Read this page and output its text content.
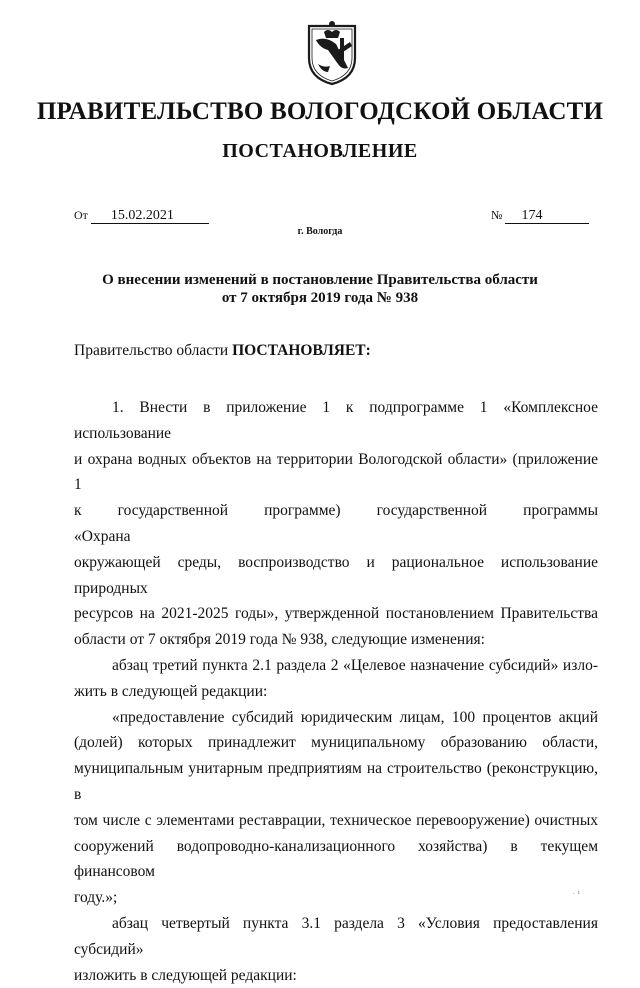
ПРАВИТЕЛЬСТВО ВОЛОГОДСКОЙ ОБЛАСТИ
ПОСТАНОВЛЕНИЕ
От 15.02.2021	№ 174
г. Вологда
О внесении изменений в постановление Правительства области
от 7 октября 2019 года № 938
Правительство области ПОСТАНОВЛЯЕТ:

1. Внести в приложение 1 к подпрограмме 1 «Комплексное использование

и охрана водных объектов на территории Вологодской области» (приложение 1

к государственной программе) государственной программы «Охрана

окружающей среды, воспроизводство и рациональное использование природных

ресурсов на 2021-2025 годы», утвержденной постановлением Правительства

области от 7 октября 2019 года № 938, следующие изменения:

абзац третий пункта 2.1 раздела 2 «Целевое назначение субсидий» изло-

жить в следующей редакции:

«предоставление субсидий юридическим лицам, 100 процентов акций

(долей) которых принадлежит муниципальному образованию области,

муниципальным унитарным предприятиям на строительство (реконструкцию, в

том числе с элементами реставрации, техническое перевооружение) очистных

сооружений водопроводно-канализационного хозяйства) в текущем финансовом

году.»;

абзац четвертый пункта 3.1 раздела 3 «Условия предоставления субсидий»

изложить в следующей редакции:

. ı
